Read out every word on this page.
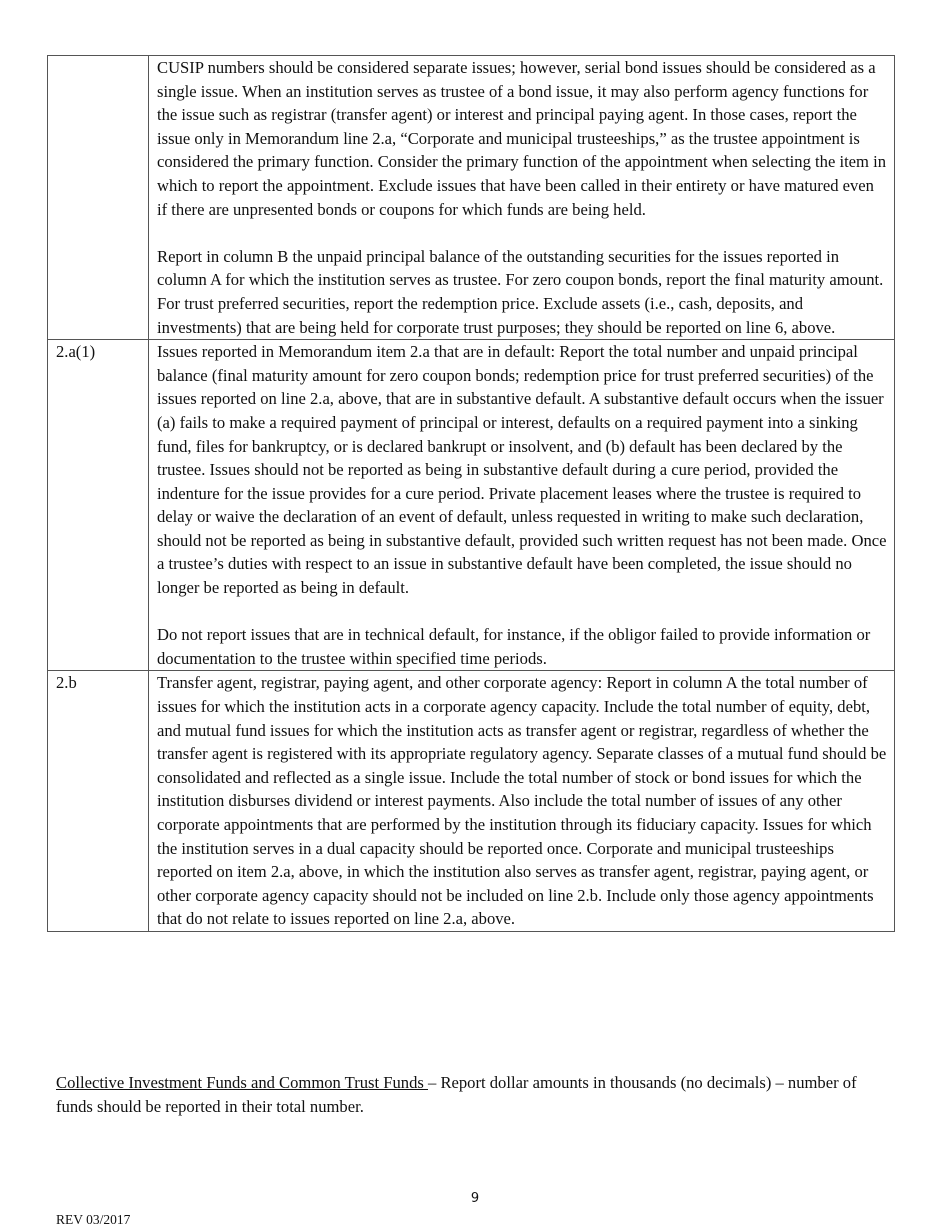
	CUSIP numbers should be considered separate issues; however, serial bond issues should be considered as a single issue. When an institution serves as trustee of a bond issue, it may also perform agency functions for the issue such as registrar (transfer agent) or interest and principal paying agent. In those cases, report the issue only in Memorandum line 2.a, “Corporate and municipal trusteeships,” as the trustee appointment is considered the primary function. Consider the primary function of the appointment when selecting the item in which to report the appointment. Exclude issues that have been called in their entirety or have matured even if there are unpresented bonds or coupons for which funds are being held.

Report in column B the unpaid principal balance of the outstanding securities for the issues reported in column A for which the institution serves as trustee. For zero coupon bonds, report the final maturity amount. For trust preferred securities, report the redemption price. Exclude assets (i.e., cash, deposits, and investments) that are being held for corporate trust purposes; they should be reported on line 6, above.

2.a(1)	Issues reported in Memorandum item 2.a that are in default: Report the total number and unpaid principal balance (final maturity amount for zero coupon bonds; redemption price for trust preferred securities) of the issues reported on line 2.a, above, that are in substantive default. A substantive default occurs when the issuer (a) fails to make a required payment of principal or interest, defaults on a required payment into a sinking fund, files for bankruptcy, or is declared bankrupt or insolvent, and (b) default has been declared by the trustee. Issues should not be reported as being in substantive default during a cure period, provided the indenture for the issue provides for a cure period. Private placement leases where the trustee is required to delay or waive the declaration of an event of default, unless requested in writing to make such declaration, should not be reported as being in substantive default, provided such written request has not been made. Once a trustee’s duties with respect to an issue in substantive default have been completed, the issue should no longer be reported as being in default.

Do not report issues that are in technical default, for instance, if the obligor failed to provide information or documentation to the trustee within specified time periods.

2.b	Transfer agent, registrar, paying agent, and other corporate agency: Report in column A the total number of issues for which the institution acts in a corporate agency capacity. Include the total number of equity, debt, and mutual fund issues for which the institution acts as transfer agent or registrar, regardless of whether the transfer agent is registered with its appropriate regulatory agency. Separate classes of a mutual fund should be consolidated and reflected as a single issue. Include the total number of stock or bond issues for which the institution disburses dividend or interest payments. Also include the total number of issues of any other corporate appointments that are performed by the institution through its fiduciary capacity. Issues for which the institution serves in a dual capacity should be reported once. Corporate and municipal trusteeships reported on item 2.a, above, in which the institution also serves as transfer agent, registrar, paying agent, or other corporate agency capacity should not be included on line 2.b. Include only those agency appointments that do not relate to issues reported on line 2.a, above.

Collective Investment Funds and Common Trust Funds – Report dollar amounts in thousands (no decimals) – number of funds should be reported in their total number.

9
REV 03/2017
